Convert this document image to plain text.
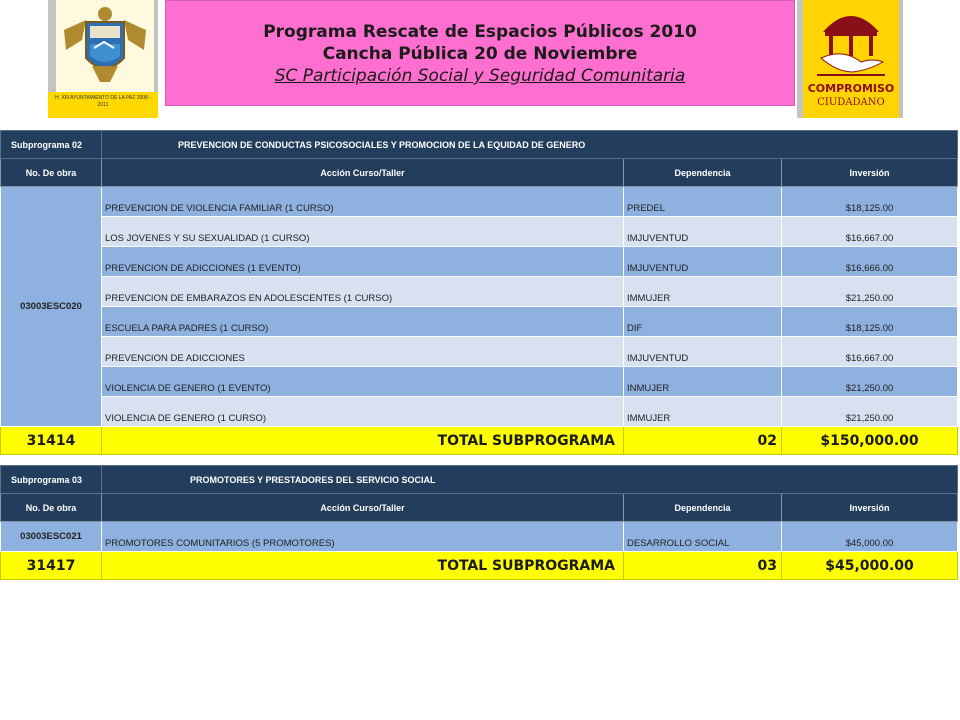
H. XIII AYUNTAMIENTO DE LA PAZ 2008 - 2011
Programa Rescate de Espacios Públicos 2010
Cancha Pública 20 de Noviembre
SC Participación Social y Seguridad Comunitaria
COMPROMISO
CIUDADANO
Subprograma 02	PREVENCION DE CONDUCTAS PSICOSOCIALES Y PROMOCION DE LA EQUIDAD DE GENERO		
No. De obra	Acción Curso/Taller	Dependencia	Inversión
03003ESC020	PREVENCION DE VIOLENCIA FAMILIAR (1 CURSO)	PREDEL	$18,125.00
	LOS JOVENES Y SU SEXUALIDAD (1 CURSO)	IMJUVENTUD	$16,667.00
	PREVENCION DE ADICCIONES (1 EVENTO)	IMJUVENTUD	$16,666.00
	PREVENCION DE EMBARAZOS EN ADOLESCENTES (1 CURSO)	IMMUJER	$21,250.00
	ESCUELA PARA PADRES (1 CURSO)	DIF	$18,125.00
	PREVENCION DE ADICCIONES	IMJUVENTUD	$16,667.00
	VIOLENCIA DE GENERO (1 EVENTO)	INMUJER	$21,250.00
	VIOLENCIA DE GENERO (1 CURSO)	IMMUJER	$21,250.00
31414	TOTAL SUBPROGRAMA	02	$150,000.00
Subprograma 03	PROMOTORES Y PRESTADORES DEL SERVICIO SOCIAL		
No. De obra	Acción Curso/Taller	Dependencia	Inversión
03003ESC021	PROMOTORES COMUNITARIOS (5 PROMOTORES)	DESARROLLO SOCIAL	$45,000.00
31417	TOTAL SUBPROGRAMA	03	$45,000.00
